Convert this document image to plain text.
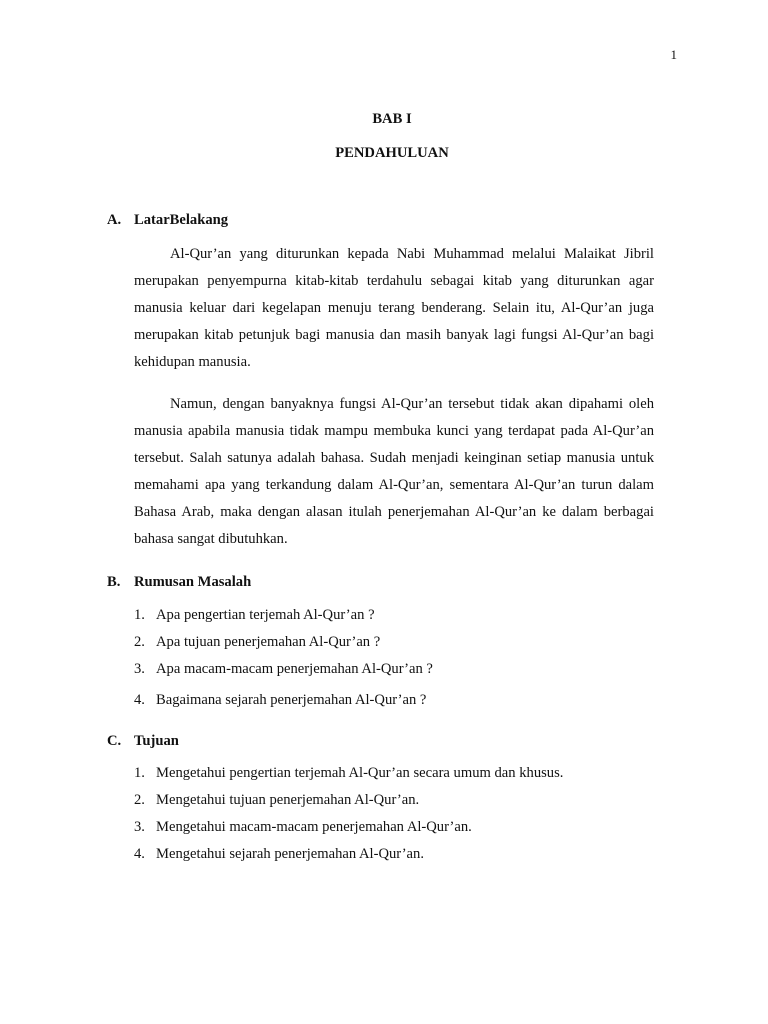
1
BAB I
PENDAHULUAN
A. LatarBelakang
Al-Qur’an yang diturunkan kepada Nabi Muhammad melalui Malaikat Jibril
merupakan penyempurna kitab-kitab terdahulu sebagai kitab yang diturunkan agar
manusia keluar dari kegelapan menuju terang benderang. Selain itu, Al-Qur’an juga
merupakan kitab petunjuk bagi manusia dan masih banyak lagi fungsi Al-Qur’an bagi
kehidupan manusia.
Namun, dengan banyaknya fungsi Al-Qur’an tersebut tidak akan dipahami oleh
manusia apabila manusia tidak mampu membuka kunci yang terdapat pada Al-Qur’an
tersebut. Salah satunya adalah bahasa. Sudah menjadi keinginan setiap manusia untuk
memahami apa yang terkandung dalam Al-Qur’an, sementara Al-Qur’an turun dalam
Bahasa Arab, maka dengan alasan itulah penerjemahan Al-Qur’an ke dalam berbagai
bahasa sangat dibutuhkan.
B. Rumusan Masalah
1. Apa pengertian terjemah Al-Qur’an ?
2. Apa tujuan penerjemahan Al-Qur’an ?
3. Apa macam-macam penerjemahan Al-Qur’an ?
4. Bagaimana sejarah penerjemahan Al-Qur’an ?
C. Tujuan
1. Mengetahui pengertian terjemah Al-Qur’an secara umum dan khusus.
2. Mengetahui tujuan penerjemahan Al-Qur’an.
3. Mengetahui macam-macam penerjemahan Al-Qur’an.
4. Mengetahui sejarah penerjemahan Al-Qur’an.
